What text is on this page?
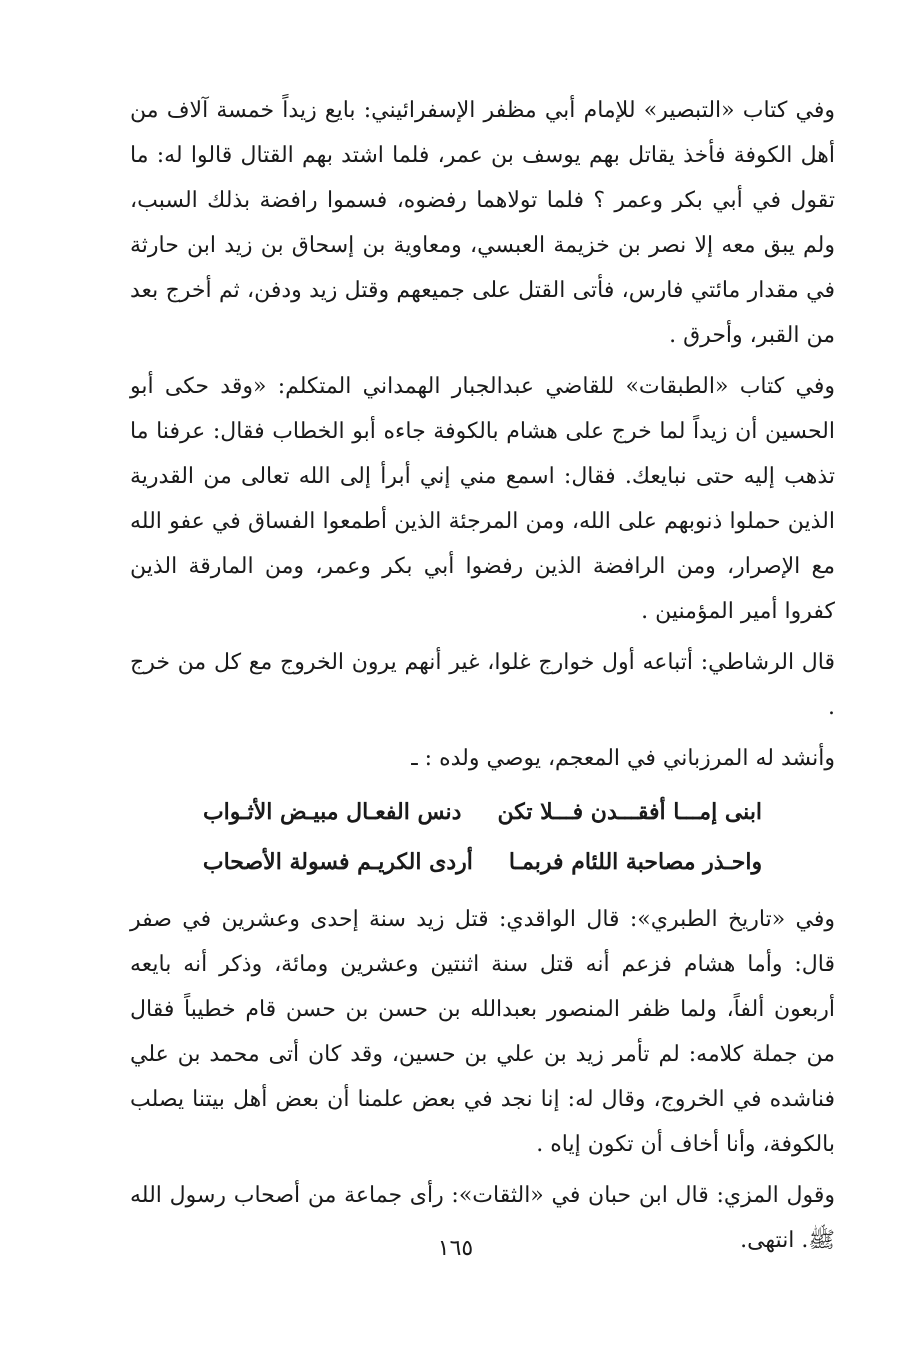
وفي كتاب «التبصير» للإمام أبي مظفر الإسفرائيني: بايع زيداً خمسة آلاف من أهل الكوفة فأخذ يقاتل بهم يوسف بن عمر، فلما اشتد بهم القتال قالوا له: ما تقول في أبي بكر وعمر ؟ فلما تولاهما رفضوه، فسموا رافضة بذلك السبب، ولم يبق معه إلا نصر بن خزيمة العبسي، ومعاوية بن إسحاق بن زيد ابن حارثة في مقدار مائتي فارس، فأتى القتل على جميعهم وقتل زيد ودفن، ثم أخرج بعد من القبر، وأحرق .

وفي كتاب «الطبقات» للقاضي عبدالجبار الهمداني المتكلم: «وقد حكى أبو الحسين أن زيداً لما خرج على هشام بالكوفة جاءه أبو الخطاب فقال: عرفنا ما تذهب إليه حتى نبايعك. فقال: اسمع مني إني أبرأ إلى الله تعالى من القدرية الذين حملوا ذنوبهم على الله، ومن المرجئة الذين أطمعوا الفساق في عفو الله مع الإصرار، ومن الرافضة الذين رفضوا أبي بكر وعمر، ومن المارقة الذين كفروا أمير المؤمنين .

قال الرشاطي: أتباعه أول خوارج غلوا، غير أنهم يرون الخروج مع كل من خرج .

وأنشد له المرزباني في المعجم، يوصي ولده : ـ

ابنى إمـــا أفقـــدن فـــلا تكن
دنس الفعـال مبيـض الأثـواب
واحـذر مصاحبة اللئام فربمـا
أردى الكريـم فسولة الأصحاب

وفي «تاريخ الطبري»: قال الواقدي: قتل زيد سنة إحدى وعشرين في صفر قال: وأما هشام فزعم أنه قتل سنة اثنتين وعشرين ومائة، وذكر أنه بايعه أربعون ألفاً، ولما ظفر المنصور بعبدالله بن حسن بن حسن قام خطيباً فقال من جملة كلامه: لم تأمر زيد بن علي بن حسين، وقد كان أتى محمد بن علي فناشده في الخروج، وقال له: إنا نجد في بعض علمنا أن بعض أهل بيتنا يصلب بالكوفة، وأنا أخاف أن تكون إياه .

وقول المزي: قال ابن حبان في «الثقات»: رأى جماعة من أصحاب رسول الله ﷺ. انتهى.

١٦٥
